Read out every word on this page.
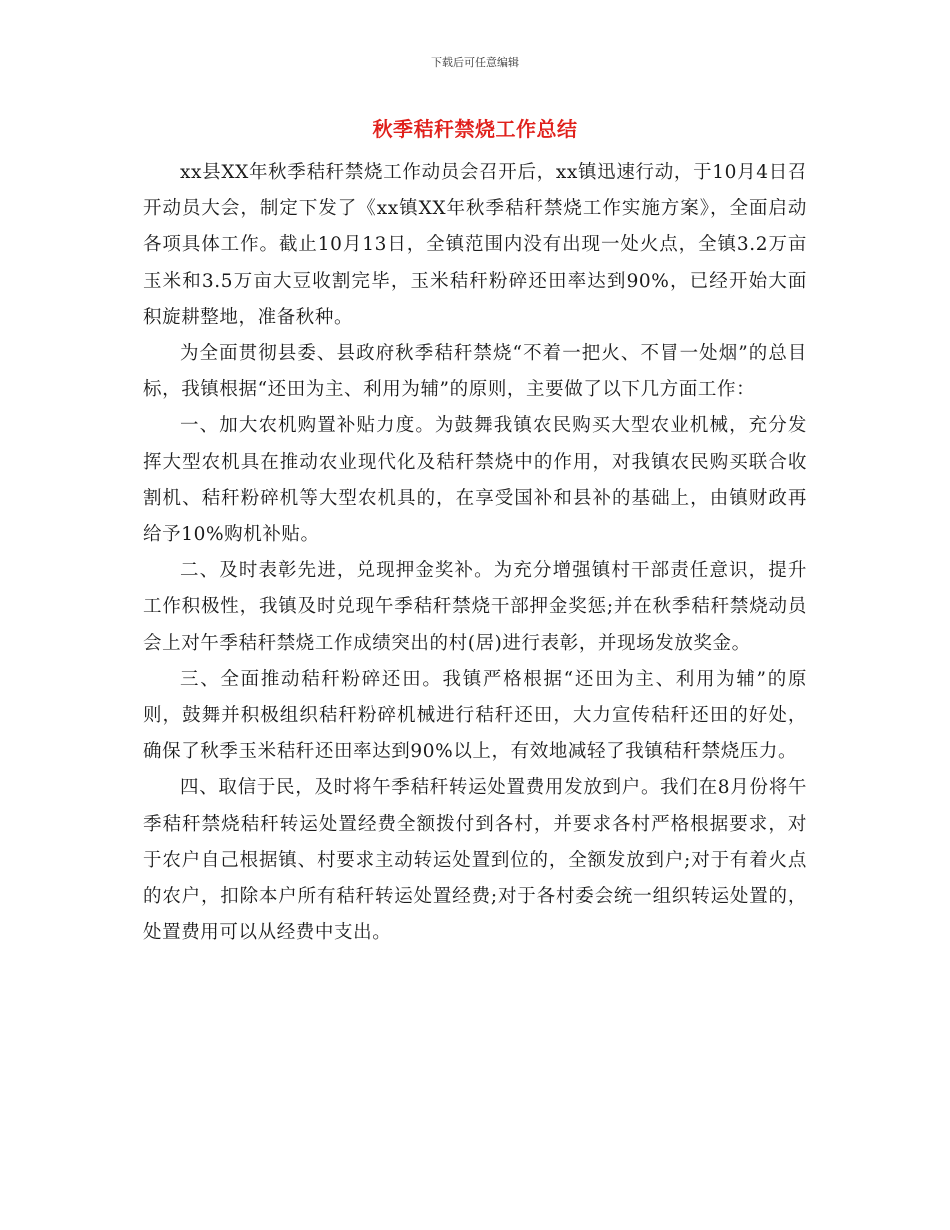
下载后可任意编辑
秋季秸秆禁烧工作总结

xx县XX年秋季秸秆禁烧工作动员会召开后，xx镇迅速行动，于10月4日召开动员大会，制定下发了《xx镇XX年秋季秸秆禁烧工作实施方案》，全面启动各项具体工作。截止10月13日，全镇范围内没有出现一处火点，全镇3.2万亩玉米和3.5万亩大豆收割完毕，玉米秸秆粉碎还田率达到90%，已经开始大面积旋耕整地，准备秋种。

为全面贯彻县委、县政府秋季秸秆禁烧“不着一把火、不冒一处烟”的总目标，我镇根据“还田为主、利用为辅”的原则，主要做了以下几方面工作：

一、加大农机购置补贴力度。为鼓舞我镇农民购买大型农业机械，充分发挥大型农机具在推动农业现代化及秸秆禁烧中的作用，对我镇农民购买联合收割机、秸秆粉碎机等大型农机具的，在享受国补和县补的基础上，由镇财政再给予10%购机补贴。

二、及时表彰先进，兑现押金奖补。为充分增强镇村干部责任意识，提升工作积极性，我镇及时兑现午季秸秆禁烧干部押金奖惩;并在秋季秸秆禁烧动员会上对午季秸秆禁烧工作成绩突出的村(居)进行表彰，并现场发放奖金。

三、全面推动秸秆粉碎还田。我镇严格根据“还田为主、利用为辅”的原则，鼓舞并积极组织秸秆粉碎机械进行秸秆还田，大力宣传秸秆还田的好处，确保了秋季玉米秸秆还田率达到90%以上，有效地减轻了我镇秸秆禁烧压力。

四、取信于民，及时将午季秸秆转运处置费用发放到户。我们在8月份将午季秸秆禁烧秸秆转运处置经费全额拨付到各村，并要求各村严格根据要求，对于农户自己根据镇、村要求主动转运处置到位的，全额发放到户;对于有着火点的农户，扣除本户所有秸秆转运处置经费;对于各村委会统一组织转运处置的，处置费用可以从经费中支出。
